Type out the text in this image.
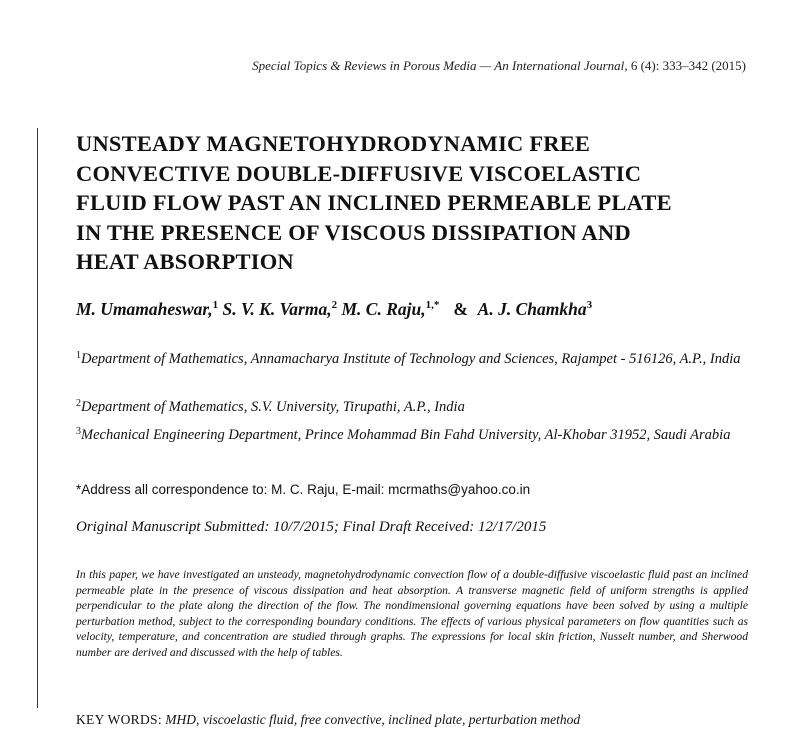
Special Topics & Reviews in Porous Media — An International Journal, 6 (4): 333–342 (2015)
UNSTEADY MAGNETOHYDRODYNAMIC FREE
CONVECTIVE DOUBLE-DIFFUSIVE VISCOELASTIC
FLUID FLOW PAST AN INCLINED PERMEABLE PLATE
IN THE PRESENCE OF VISCOUS DISSIPATION AND
HEAT ABSORPTION
M. Umamaheswar,$^1$ S. V. K. Varma,$^2$ M. C. Raju,$^{1,*}$ & A. J. Chamkha$^3$
$^1$Department of Mathematics, Annamacharya Institute of Technology and Sciences, Rajampet - 516126, A.P., India
$^2$Department of Mathematics, S.V. University, Tirupathi, A.P., India
$^3$Mechanical Engineering Department, Prince Mohammad Bin Fahd University, Al-Khobar 31952, Saudi Arabia
*Address all correspondence to: M. C. Raju, E-mail: mcrmaths@yahoo.co.in
Original Manuscript Submitted: 10/7/2015; Final Draft Received: 12/17/2015

In this paper, we have investigated an unsteady, magnetohydrodynamic convection flow of a double-diffusive viscoelastic fluid past an inclined permeable plate in the presence of viscous dissipation and heat absorption. A transverse magnetic field of uniform strengths is applied perpendicular to the plate along the direction of the flow. The nondimensional governing equations have been solved by using a multiple perturbation method, subject to the corresponding boundary conditions. The effects of various physical parameters on flow quantities such as velocity, temperature, and concentration are studied through graphs. The expressions for local skin friction, Nusselt number, and Sherwood number are derived and discussed with the help of tables.

KEY WORDS: MHD, viscoelastic fluid, free convective, inclined plate, perturbation method
